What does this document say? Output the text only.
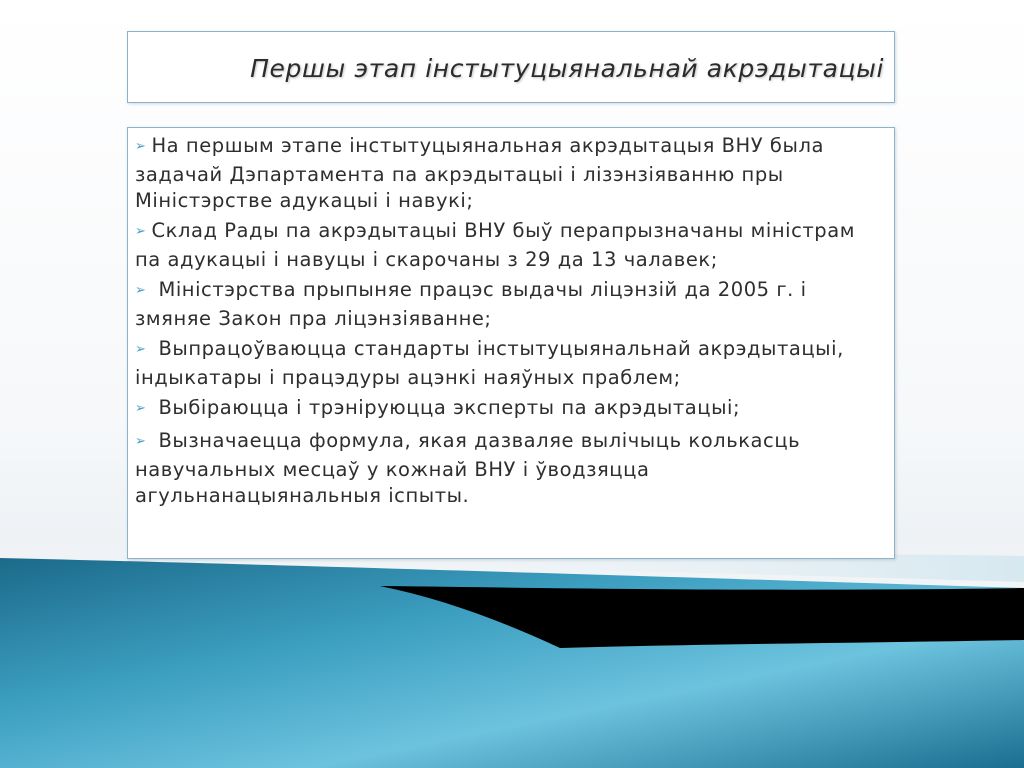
Першы этап інстытуцыянальнай акрэдытацыі
➢ На першым этапе інстытуцыянальная акрэдытацыя ВНУ была задачай Дэпартамента па акрэдытацыі і лізэнзіяванню пры Міністэрстве адукацыі і навукі;
➢ Склад Рады па акрэдытацыі ВНУ быў перапрызначаны міністрам па адукацыі і навуцы і скарочаны з 29 да 13 чалавек;
➢ Міністэрства прыпыняе працэс выдачы ліцэнзій да 2005 г. і змяняе Закон пра ліцэнзіяванне;
➢ Выпрацоўваюцца стандарты інстытуцыянальнай акрэдытацыі, індыкатары і працэдуры ацэнкі наяўных праблем;
➢ Выбіраюцца і трэніруюцца эксперты па акрэдытацыі;
➢ Вызначаецца формула, якая дазваляе вылічыць колькасць навучальных месцаў у кожнай ВНУ і ўводзяцца агульнанацыянальныя іспыты.
